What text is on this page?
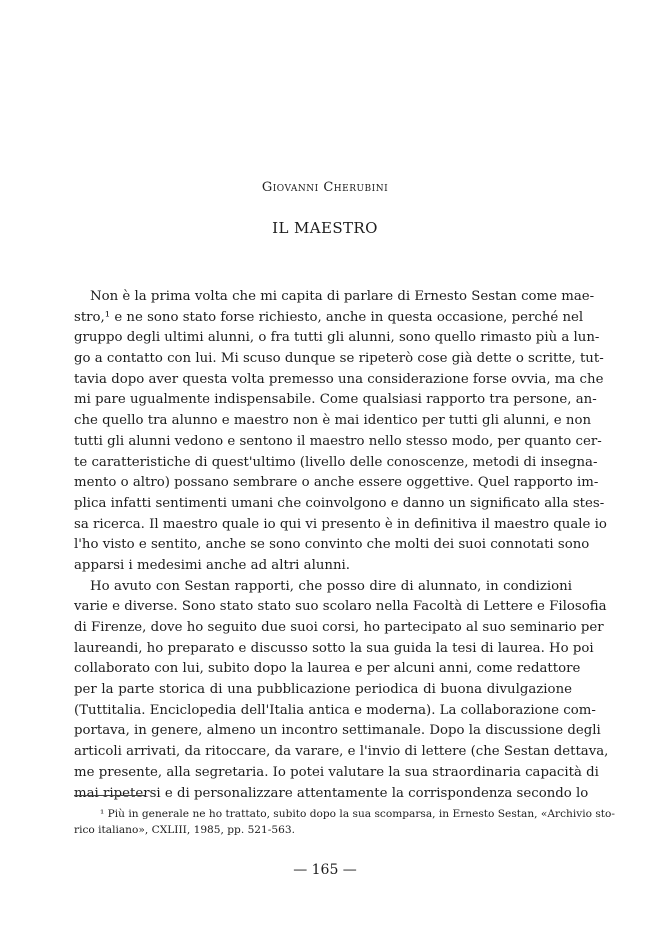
Giovanni Cherubini
IL MAESTRO
Non è la prima volta che mi capita di parlare di Ernesto Sestan come mae-
stro,¹ e ne sono stato forse richiesto, anche in questa occasione, perché nel
gruppo degli ultimi alunni, o fra tutti gli alunni, sono quello rimasto più a lun-
go a contatto con lui. Mi scuso dunque se ripeterò cose già dette o scritte, tut-
tavia dopo aver questa volta premesso una considerazione forse ovvia, ma che
mi pare ugualmente indispensabile. Come qualsiasi rapporto tra persone, an-
che quello tra alunno e maestro non è mai identico per tutti gli alunni, e non
tutti gli alunni vedono e sentono il maestro nello stesso modo, per quanto cer-
te caratteristiche di quest'ultimo (livello delle conoscenze, metodi di insegna-
mento o altro) possano sembrare o anche essere oggettive. Quel rapporto im-
plica infatti sentimenti umani che coinvolgono e danno un significato alla stes-
sa ricerca. Il maestro quale io qui vi presento è in definitiva il maestro quale io
l'ho visto e sentito, anche se sono convinto che molti dei suoi connotati sono
apparsi i medesimi anche ad altri alunni.
Ho avuto con Sestan rapporti, che posso dire di alunnato, in condizioni
varie e diverse. Sono stato stato suo scolaro nella Facoltà di Lettere e Filosofia
di Firenze, dove ho seguito due suoi corsi, ho partecipato al suo seminario per
laureandi, ho preparato e discusso sotto la sua guida la tesi di laurea. Ho poi
collaborato con lui, subito dopo la laurea e per alcuni anni, come redattore
per la parte storica di una pubblicazione periodica di buona divulgazione
(Tuttitalia. Enciclopedia dell'Italia antica e moderna). La collaborazione com-
portava, in genere, almeno un incontro settimanale. Dopo la discussione degli
articoli arrivati, da ritoccare, da varare, e l'invio di lettere (che Sestan dettava,
me presente, alla segretaria. Io potei valutare la sua straordinaria capacità di
mai ripetersi e di personalizzare attentamente la corrispondenza secondo lo
¹ Più in generale ne ho trattato, subito dopo la sua scomparsa, in Ernesto Sestan, «Archivio sto-
rico italiano», CXLIII, 1985, pp. 521-563.
— 165 —
